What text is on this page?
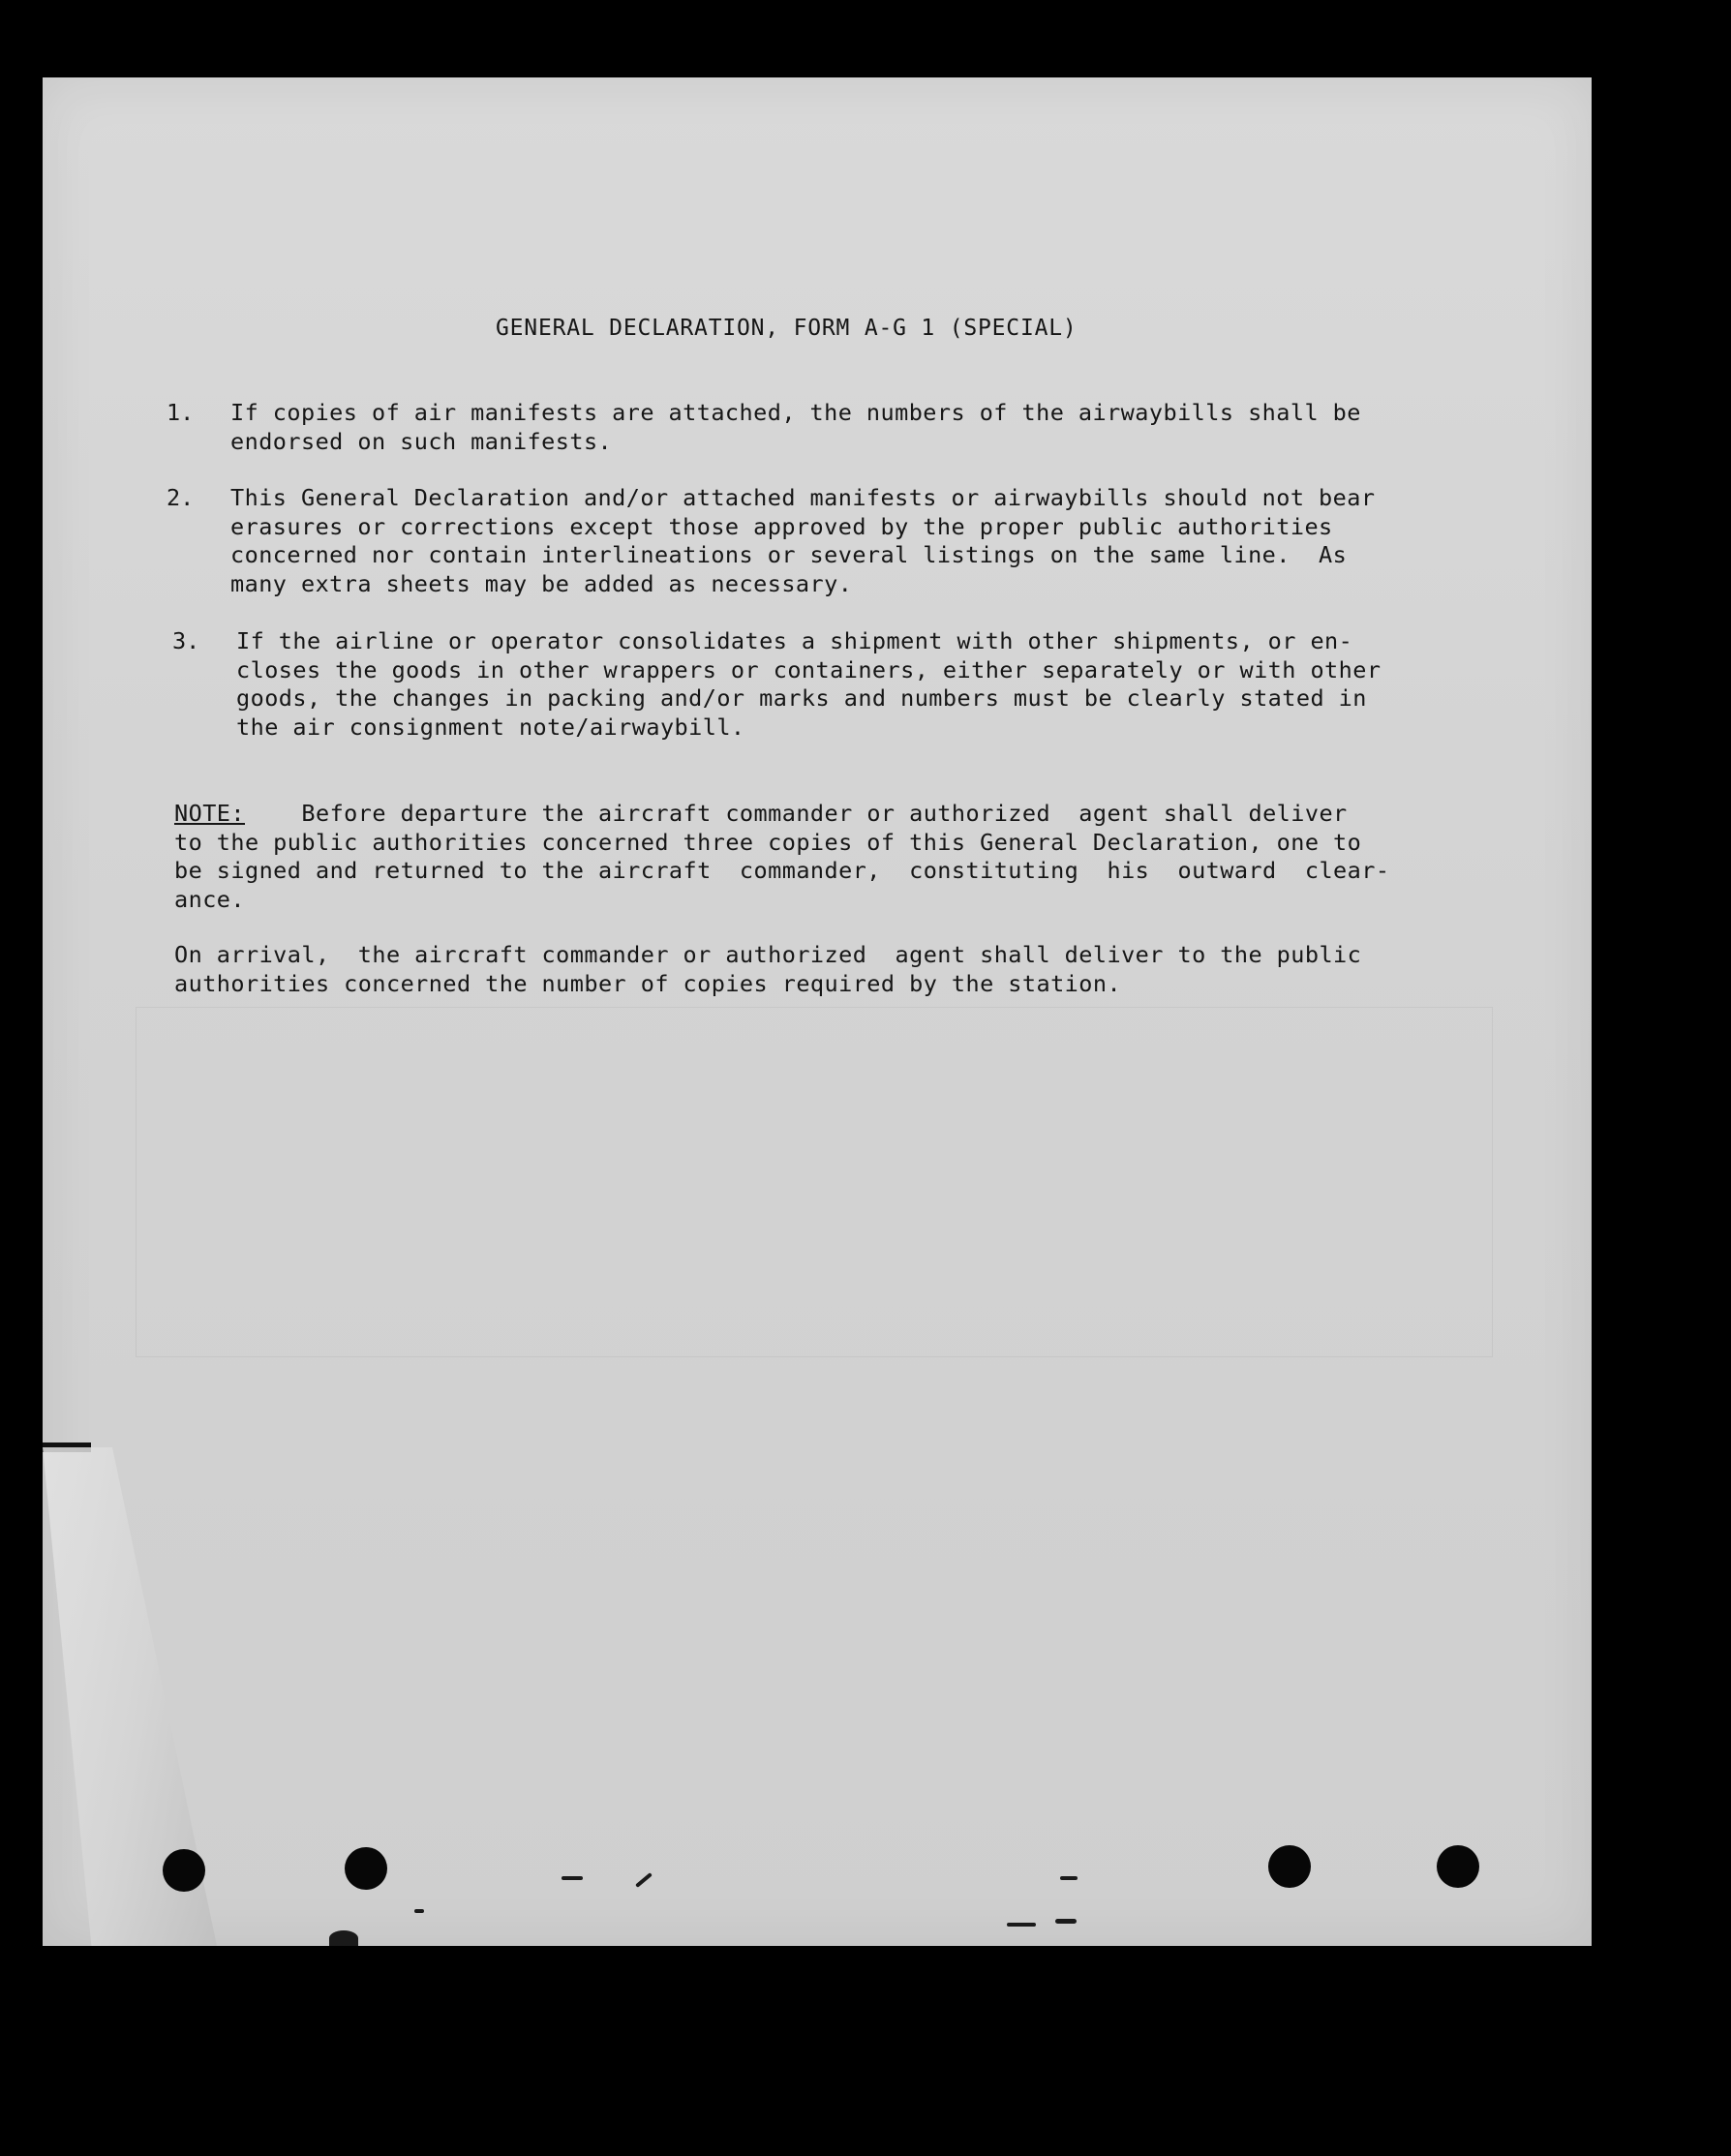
GENERAL DECLARATION, FORM A-G 1 (SPECIAL)
1. If copies of air manifests are attached, the numbers of the airwaybills shall be
endorsed on such manifests.
2. This General Declaration and/or attached manifests or airwaybills should not bear
erasures or corrections except those approved by the proper public authorities
concerned nor contain interlineations or several listings on the same line.  As
many extra sheets may be added as necessary.
3. If the airline or operator consolidates a shipment with other shipments, or en-
closes the goods in other wrappers or containers, either separately or with other
goods, the changes in packing and/or marks and numbers must be clearly stated in
the air consignment note/airwaybill.
NOTE:    Before departure the aircraft commander or authorized  agent shall deliver
to the public authorities concerned three copies of this General Declaration, one to
be signed and returned to the aircraft  commander,  constituting  his  outward  clear-
ance.
On arrival,  the aircraft commander or authorized  agent shall deliver to the public
authorities concerned the number of copies required by the station.
